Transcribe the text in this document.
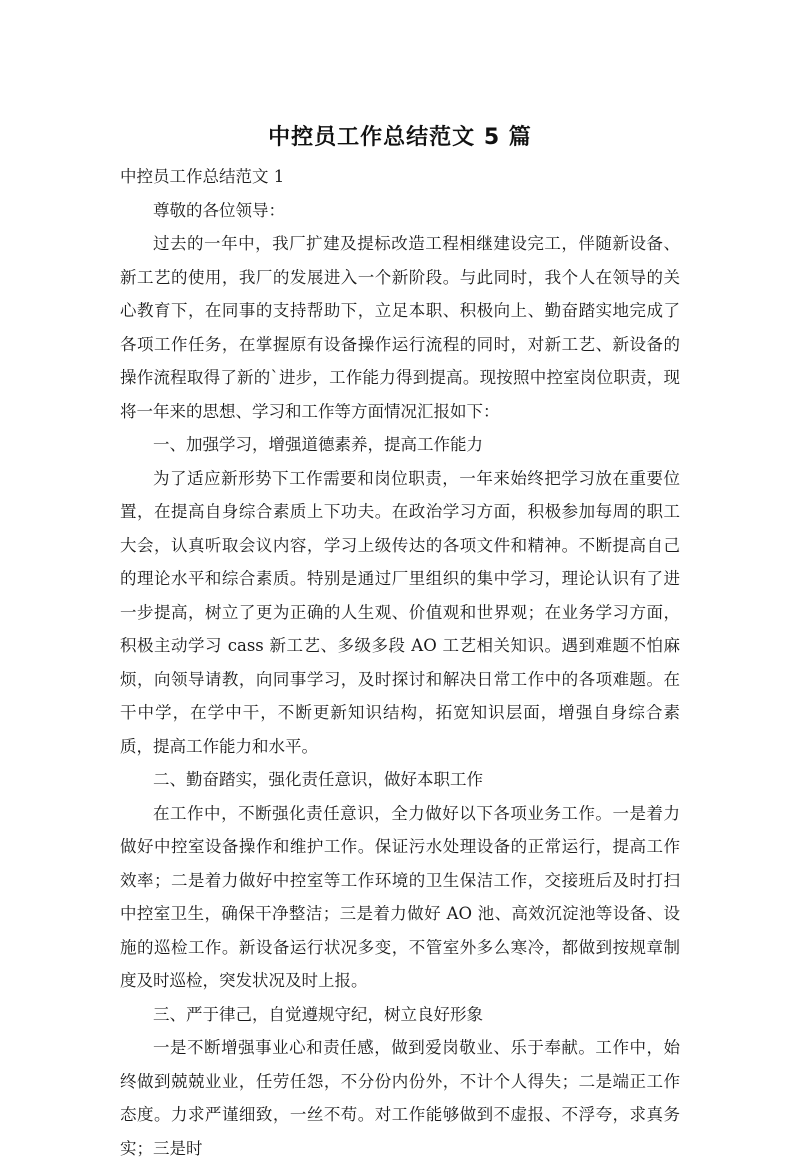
中控员工作总结范文 5 篇

中控员工作总结范文 1

尊敬的各位领导：

过去的一年中，我厂扩建及提标改造工程相继建设完工，伴随新设备、新工艺的使用，我厂的发展进入一个新阶段。与此同时，我个人在领导的关心教育下，在同事的支持帮助下，立足本职、积极向上、勤奋踏实地完成了各项工作任务，在掌握原有设备操作运行流程的同时，对新工艺、新设备的操作流程取得了新的`进步，工作能力得到提高。现按照中控室岗位职责，现将一年来的思想、学习和工作等方面情况汇报如下：

一、加强学习，增强道德素养，提高工作能力

为了适应新形势下工作需要和岗位职责，一年来始终把学习放在重要位置，在提高自身综合素质上下功夫。在政治学习方面，积极参加每周的职工大会，认真听取会议内容，学习上级传达的各项文件和精神。不断提高自己的理论水平和综合素质。特别是通过厂里组织的集中学习，理论认识有了进一步提高，树立了更为正确的人生观、价值观和世界观；在业务学习方面，积极主动学习 cass 新工艺、多级多段 AO 工艺相关知识。遇到难题不怕麻烦，向领导请教，向同事学习，及时探讨和解决日常工作中的各项难题。在干中学，在学中干，不断更新知识结构，拓宽知识层面，增强自身综合素质，提高工作能力和水平。

二、勤奋踏实，强化责任意识，做好本职工作

在工作中，不断强化责任意识，全力做好以下各项业务工作。一是着力做好中控室设备操作和维护工作。保证污水处理设备的正常运行，提高工作效率；二是着力做好中控室等工作环境的卫生保洁工作，交接班后及时打扫中控室卫生，确保干净整洁；三是着力做好 AO 池、高效沉淀池等设备、设施的巡检工作。新设备运行状况多变，不管室外多么寒冷，都做到按规章制度及时巡检，突发状况及时上报。

三、严于律己，自觉遵规守纪，树立良好形象

一是不断增强事业心和责任感，做到爱岗敬业、乐于奉献。工作中，始终做到兢兢业业，任劳任怨，不分份内份外，不计个人得失；二是端正工作态度。力求严谨细致，一丝不苟。对工作能够做到不虚报、不浮夸，求真务实；三是时
